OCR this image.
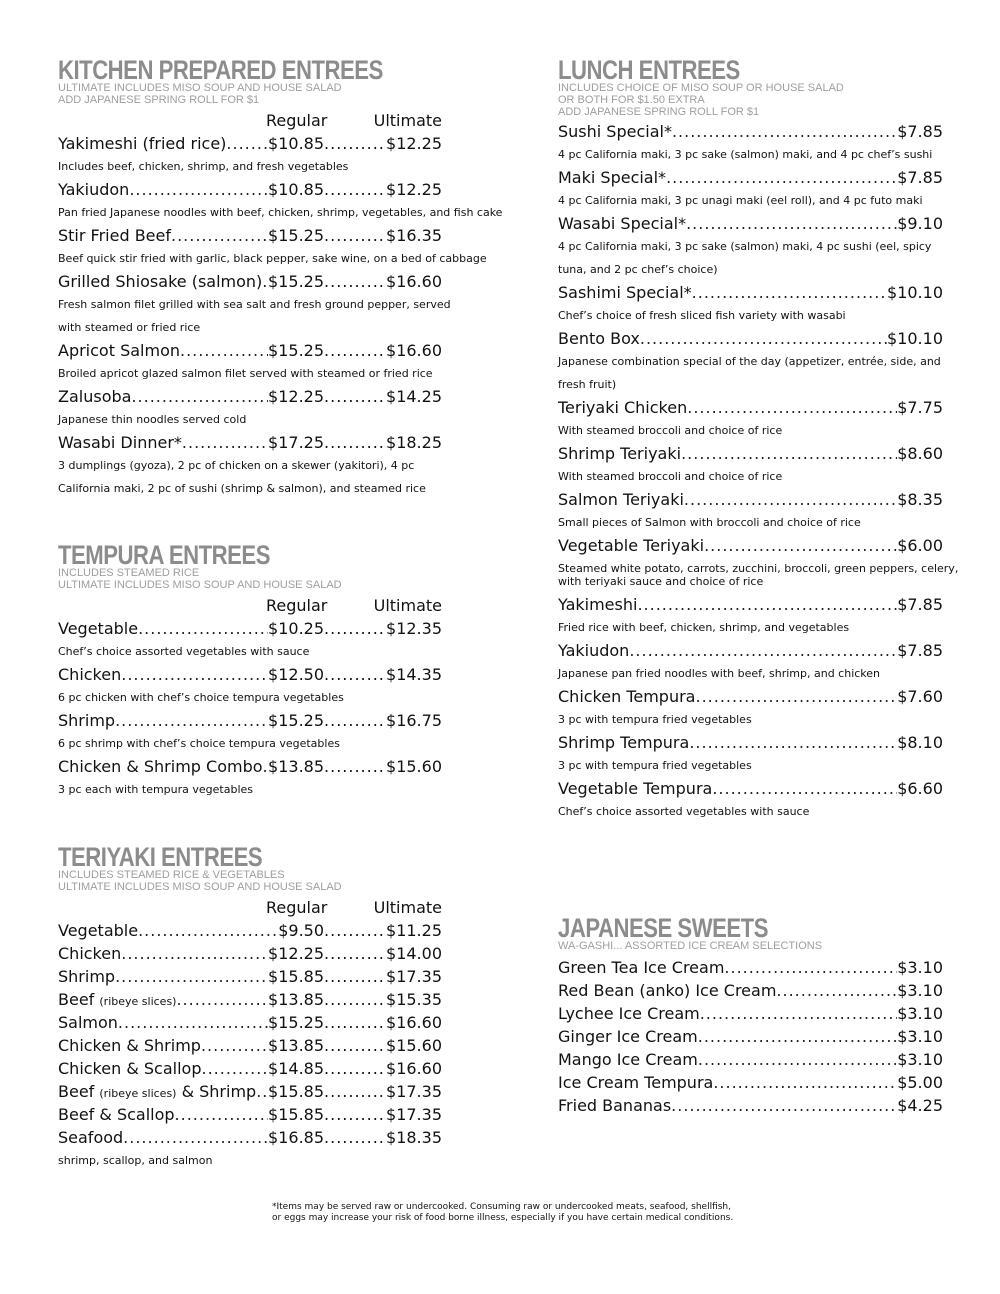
KITCHEN PREPARED ENTREES
ULTIMATE INCLUDES MISO SOUP AND HOUSE SALAD
ADD JAPANESE SPRING ROLL FOR $1
Regular	Ultimate
Yakimeshi (fried rice) .....	$10.85 .....	$12.25
Includes beef, chicken, shrimp, and fresh vegetables
Yakiudon .....	$10.85 .....	$12.25
Pan fried Japanese noodles with beef, chicken, shrimp, vegetables, and fish cake
Stir Fried Beef .....	$15.25 .....	$16.35
Beef quick stir fried with garlic, black pepper, sake wine, on a bed of cabbage
Grilled Shiosake (salmon) ..... $15.25 .....	$16.60
Fresh salmon filet grilled with sea salt and fresh ground pepper, served
with steamed or fried rice
Apricot Salmon .....	$15.25 .....	$16.60
Broiled apricot glazed salmon filet served with steamed or fried rice
Zalusoba .....	$12.25 .....	$14.25
Japanese thin noodles served cold
Wasabi Dinner* .....	$17.25 .....	$18.25
3 dumplings (gyoza), 2 pc of chicken on a skewer (yakitori), 4 pc
California maki, 2 pc of sushi (shrimp & salmon), and steamed rice
TEMPURA ENTREES
INCLUDES STEAMED RICE
ULTIMATE INCLUDES MISO SOUP AND HOUSE SALAD
Regular	Ultimate
Vegetable .....	$10.25 .....	$12.35
Chef’s choice assorted vegetables with sauce
Chicken .....	$12.50 .....	$14.35
6 pc chicken with chef’s choice tempura vegetables
Shrimp .....	$15.25 .....	$16.75
6 pc shrimp with chef’s choice tempura vegetables
Chicken & Shrimp Combo ..... $13.85 .....	$15.60
3 pc each with tempura vegetables
TERIYAKI ENTREES
INCLUDES STEAMED RICE & VEGETABLES
ULTIMATE INCLUDES MISO SOUP AND HOUSE SALAD
Regular	Ultimate
Vegetable .....	$9.50 .....	$11.25
Chicken .....	$12.25 .....	$14.00
Shrimp .....	$15.85 .....	$17.35
Beef (ribeye slices) .....	$13.85 .....	$15.35
Salmon .....	$15.25 .....	$16.60
Chicken & Shrimp .....	$13.85 .....	$15.60
Chicken & Scallop .....	$14.85 .....	$16.60
Beef (ribeye slices) & Shrimp ..... $15.85 .....	$17.35
Beef & Scallop .....	$15.85 .....	$17.35
Seafood .....	$16.85 .....	$18.35
shrimp, scallop, and salmon
LUNCH ENTREES
INCLUDES CHOICE OF MISO SOUP OR HOUSE SALAD
OR BOTH FOR $1.50 EXTRA
ADD JAPANESE SPRING ROLL FOR $1
Sushi Special* .....	$7.85
4 pc California maki, 3 pc sake (salmon) maki, and 4 pc chef’s sushi
Maki Special* .....	$7.85
4 pc California maki, 3 pc unagi maki (eel roll), and 4 pc futo maki
Wasabi Special* .....	$9.10
4 pc California maki, 3 pc sake (salmon) maki, 4 pc sushi (eel, spicy
tuna, and 2 pc chef’s choice)
Sashimi Special* .....	$10.10
Chef’s choice of fresh sliced fish variety with wasabi
Bento Box .....	$10.10
Japanese combination special of the day (appetizer, entrée, side, and
fresh fruit)
Teriyaki Chicken .....	$7.75
With steamed broccoli and choice of rice
Shrimp Teriyaki .....	$8.60
With steamed broccoli and choice of rice
Salmon Teriyaki .....	$8.35
Small pieces of Salmon with broccoli and choice of rice
Vegetable Teriyaki .....	$6.00
Steamed white potato, carrots, zucchini, broccoli, green peppers, celery,
with teriyaki sauce and choice of rice
Yakimeshi .....	$7.85
Fried rice with beef, chicken, shrimp, and vegetables
Yakiudon .....	$7.85
Japanese pan fried noodles with beef, shrimp, and chicken
Chicken Tempura .....	$7.60
3 pc with tempura fried vegetables
Shrimp Tempura .....	$8.10
3 pc with tempura fried vegetables
Vegetable Tempura .....	$6.60
Chef’s choice assorted vegetables with sauce
JAPANESE SWEETS
WA-GASHI... ASSORTED ICE CREAM SELECTIONS
Green Tea Ice Cream .....	$3.10
Red Bean (anko) Ice Cream .....	$3.10
Lychee Ice Cream .....	$3.10
Ginger Ice Cream .....	$3.10
Mango Ice Cream .....	$3.10
Ice Cream Tempura .....	$5.00
Fried Bananas .....	$4.25
*Items may be served raw or undercooked. Consuming raw or undercooked meats, seafood, shellfish,
or eggs may increase your risk of food borne illness, especially if you have certain medical conditions.
